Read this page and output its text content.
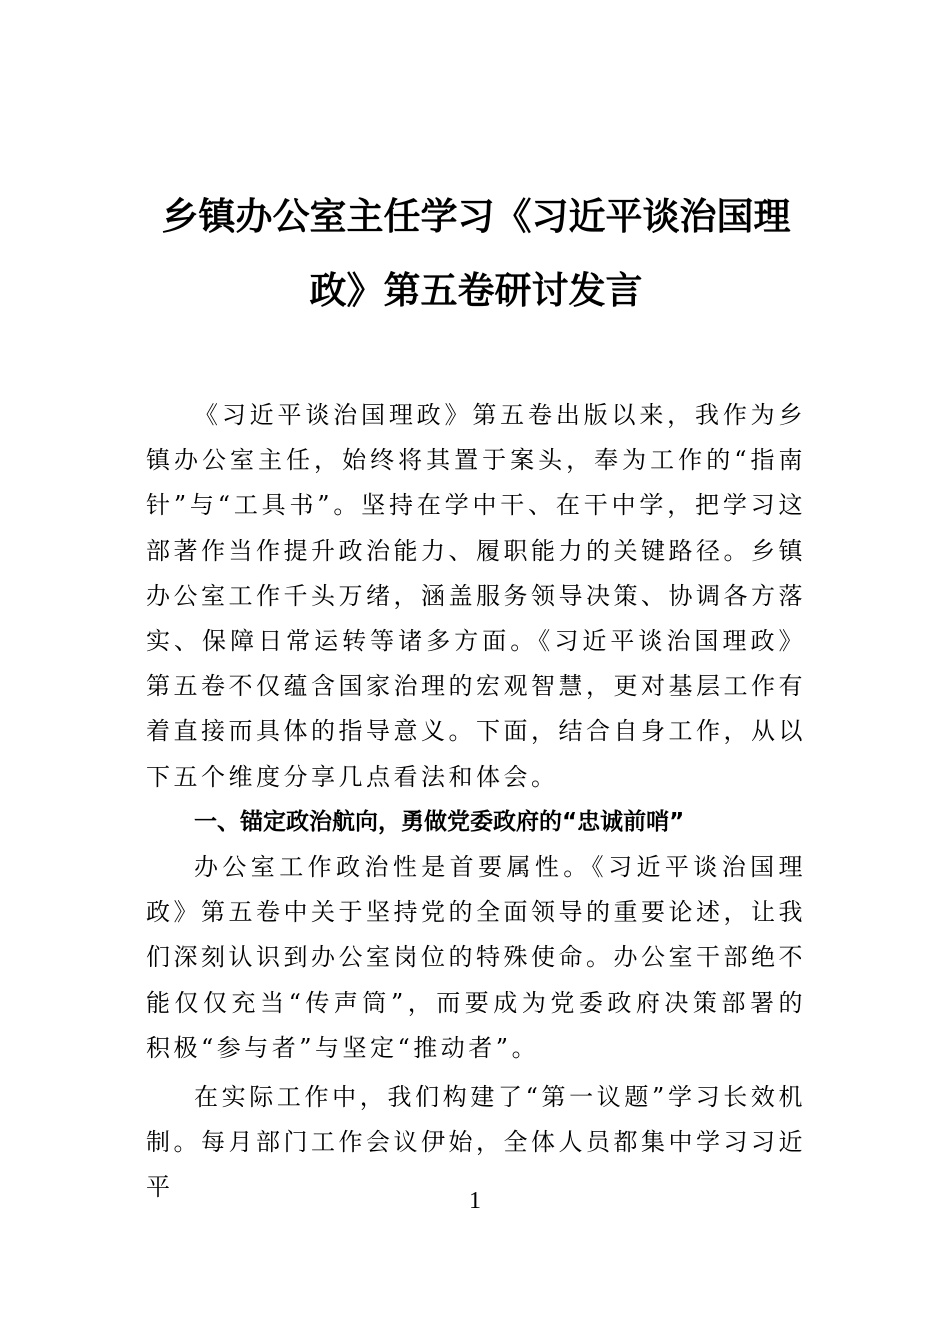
乡镇办公室主任学习《习近平谈治国理政》第五卷研讨发言

《习近平谈治国理政》第五卷出版以来，我作为乡镇办公室主任，始终将其置于案头，奉为工作的“指南针”与“工具书”。坚持在学中干、在干中学，把学习这部著作当作提升政治能力、履职能力的关键路径。乡镇办公室工作千头万绪，涵盖服务领导决策、协调各方落实、保障日常运转等诸多方面。《习近平谈治国理政》第五卷不仅蕴含国家治理的宏观智慧，更对基层工作有着直接而具体的指导意义。下面，结合自身工作，从以下五个维度分享几点看法和体会。

一、锚定政治航向，勇做党委政府的“忠诚前哨”

办公室工作政治性是首要属性。《习近平谈治国理政》第五卷中关于坚持党的全面领导的重要论述，让我们深刻认识到办公室岗位的特殊使命。办公室干部绝不能仅仅充当“传声筒”，而要成为党委政府决策部署的积极“参与者”与坚定“推动者”。

在实际工作中，我们构建了“第一议题”学习长效机制。每月部门工作会议伊始，全体人员都集中学习习近平	1
